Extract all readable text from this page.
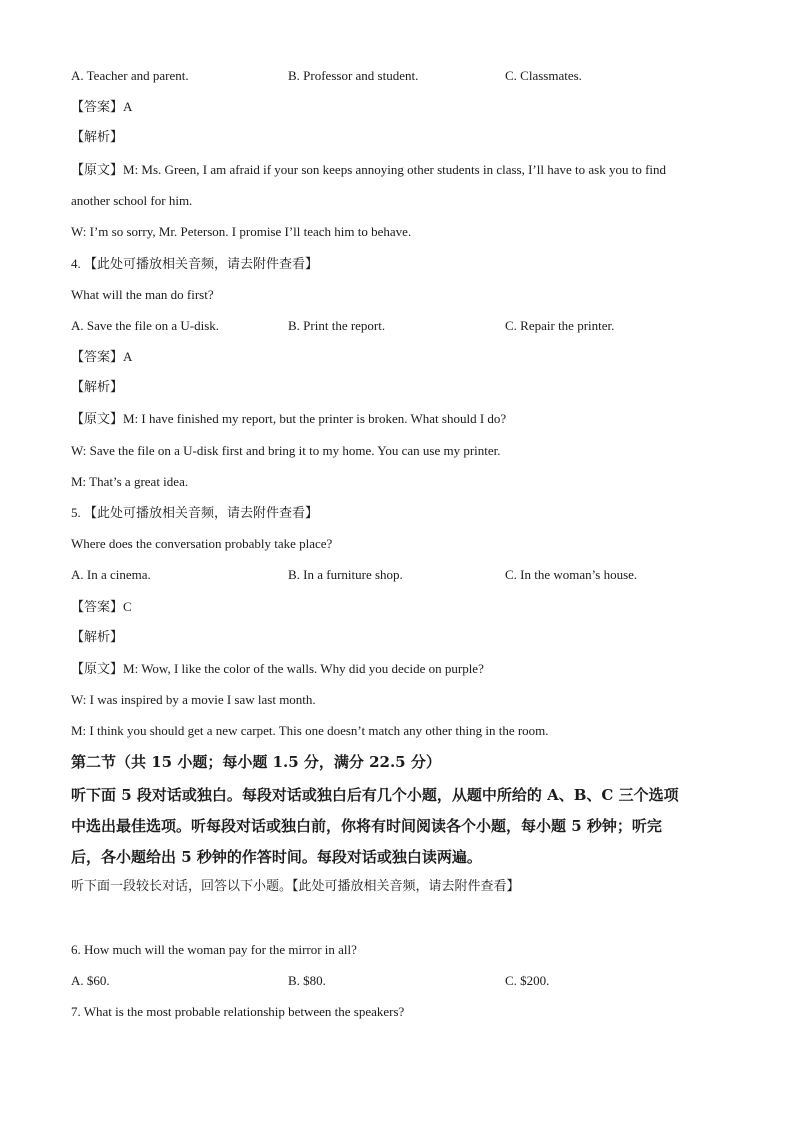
A. Teacher and parent.	B. Professor and student.	C. Classmates.
【答案】A
【解析】
【原文】M: Ms. Green, I am afraid if your son keeps annoying other students in class, I’ll have to ask you to find
another school for him.
W: I’m so sorry, Mr. Peterson. I promise I’ll teach him to behave.
4. 【此处可播放相关音频，请去附件查看】
What will the man do first?
A. Save the file on a U-disk.	B. Print the report.	C. Repair the printer.
【答案】A
【解析】
【原文】M: I have finished my report, but the printer is broken. What should I do?
W: Save the file on a U-disk first and bring it to my home. You can use my printer.
M: That’s a great idea.
5. 【此处可播放相关音频，请去附件查看】
Where does the conversation probably take place?
A. In a cinema.	B. In a furniture shop.	C. In the woman’s house.
【答案】C
【解析】
【原文】M: Wow, I like the color of the walls. Why did you decide on purple?
W: I was inspired by a movie I saw last month.
M: I think you should get a new carpet. This one doesn’t match any other thing in the room.
第二节（共 15 小题；每小题 1.5 分，满分 22.5 分）
听下面 5 段对话或独白。每段对话或独白后有几个小题，从题中所给的 A、B、C 三个选项
中选出最佳选项。听每段对话或独白前，你将有时间阅读各个小题，每小题 5 秒钟；听完
后，各小题给出 5 秒钟的作答时间。每段对话或独白读两遍。
听下面一段较长对话，回答以下小题。【此处可播放相关音频，请去附件查看】
6. How much will the woman pay for the mirror in all?
A. $60.	B. $80.	C. $200.
7. What is the most probable relationship between the speakers?
